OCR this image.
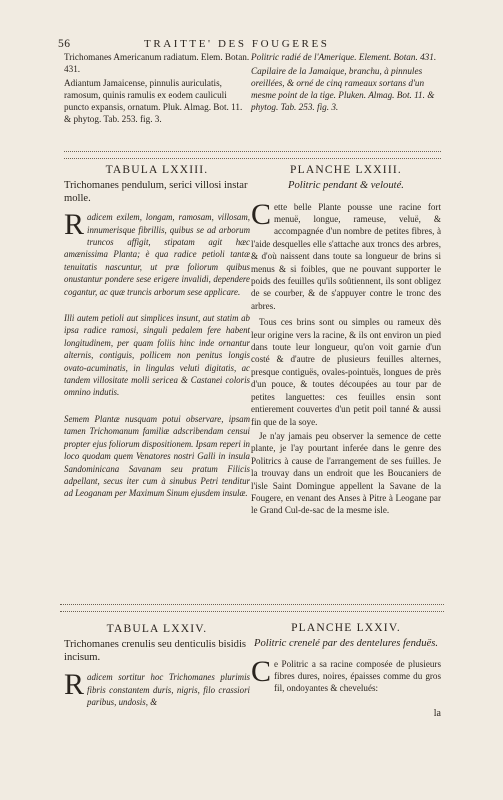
56	TRAITTE' DES FOUGERES
Trichomanes Americanum radiatum. Elem. Botan. 431.
Adiantum Jamaicense, pinnulis auriculatis, ramosum, quinis ramulis ex eodem cauliculi puncto expansis, ornatum. Pluk. Almag. Bot. 11. & phytog. Tab. 253. fig. 3.
Politric radié de l'Amerique. Element. Botan. 431.
Capilaire de la Jamaique, branchu, à pinnules oreillées, & orné de cinq rameaux sortans d'un mesme point de la tige. Pluken. Almag. Bot. 11. & phytog. Tab. 253. fig. 3.
TABULA LXXIII.
Trichomanes pendulum, serici villosi instar molle.
Radicem exilem, longam, ramosam, villosam, innumerisque fibrillis, quibus se ad arborum truncos affigit, stipatam agit hæc amænissima Planta; è qua radice petioli tantæ tenuitatis nascuntur, ut præ foliorum quibus onustantur pondere sese erigere invalidi, dependere cogantur, ac quæ truncis arborum sese applicare.
Illi autem petioli aut simplices insunt, aut statim ab ipsa radice ramosi, singuli pedalem fere habent longitudinem, per quam foliis hinc inde ornantur alternis, contiguis, pollicem non penitus longis ovato-acuminatis, in lingulas veluti digitatis, ac tandem villositate molli sericea & Castanei coloris omnino indutis.
Semem Plantæ nusquam potui observare, ipsam tamen Trichomanum familiæ adscribendam censui propter ejus foliorum dispositionem. Ipsam reperi in loco quodam quem Venatores nostri Galli in insula Sandominicana Savanam seu pratum Filicis adpellant, secus iter cum à sinubus Petri tenditur ad Leoganam per Maximum Sinum ejusdem insulæ.
PLANCHE LXXIII.
Politric pendant & velouté.
Cette belle Plante pousse une racine fort menuë, longue, rameuse, veluë, & accompagnée d'un nombre de petites fibres, à l'aide desquelles elle s'attache aux troncs des arbres, & d'où naissent dans toute sa longueur de brins si menus & si foibles, que ne pouvant supporter le poids des feuilles qu'ils soûtiennent, ils sont obligez de se courber, & de s'appuyer contre le tronc des arbres.
Tous ces brins sont ou simples ou rameux dès leur origine vers la racine, & ils ont environ un pied dans toute leur longueur, qu'on voit garnie d'un costé & d'autre de plusieurs feuilles alternes, presque contiguës, ovales-pointuës, longues de près d'un pouce, & toutes découpées au tour par de petites languettes: ces feuilles ensin sont entierement couvertes d'un petit poil tanné & aussi fin que de la soye.
Je n'ay jamais peu observer la semence de cette plante, je l'ay pourtant inferée dans le genre des Politrics à cause de l'arrangement de ses fuilles. Je la trouvay dans un endroit que les Boucaniers de l'isle Saint Domingue appellent la Savane de la Fougere, en venant des Anses à Pitre à Leogane par le Grand Cul-de-sac de la mesme isle.
TABULA LXXIV.
Trichomanes crenulis seu denticulis bisidis incisum.
Radicem sortitur hoc Trichomanes plurimis fibris constantem duris, nigris, filo crassiori paribus, undosis, &
PLANCHE LXXIV.
Politric crenelé par des dentelures fenduës.
Ce Politric a sa racine composée de plusieurs fibres dures, noires, épaisses comme du gros fil, ondoyantes & chevelués:
la
